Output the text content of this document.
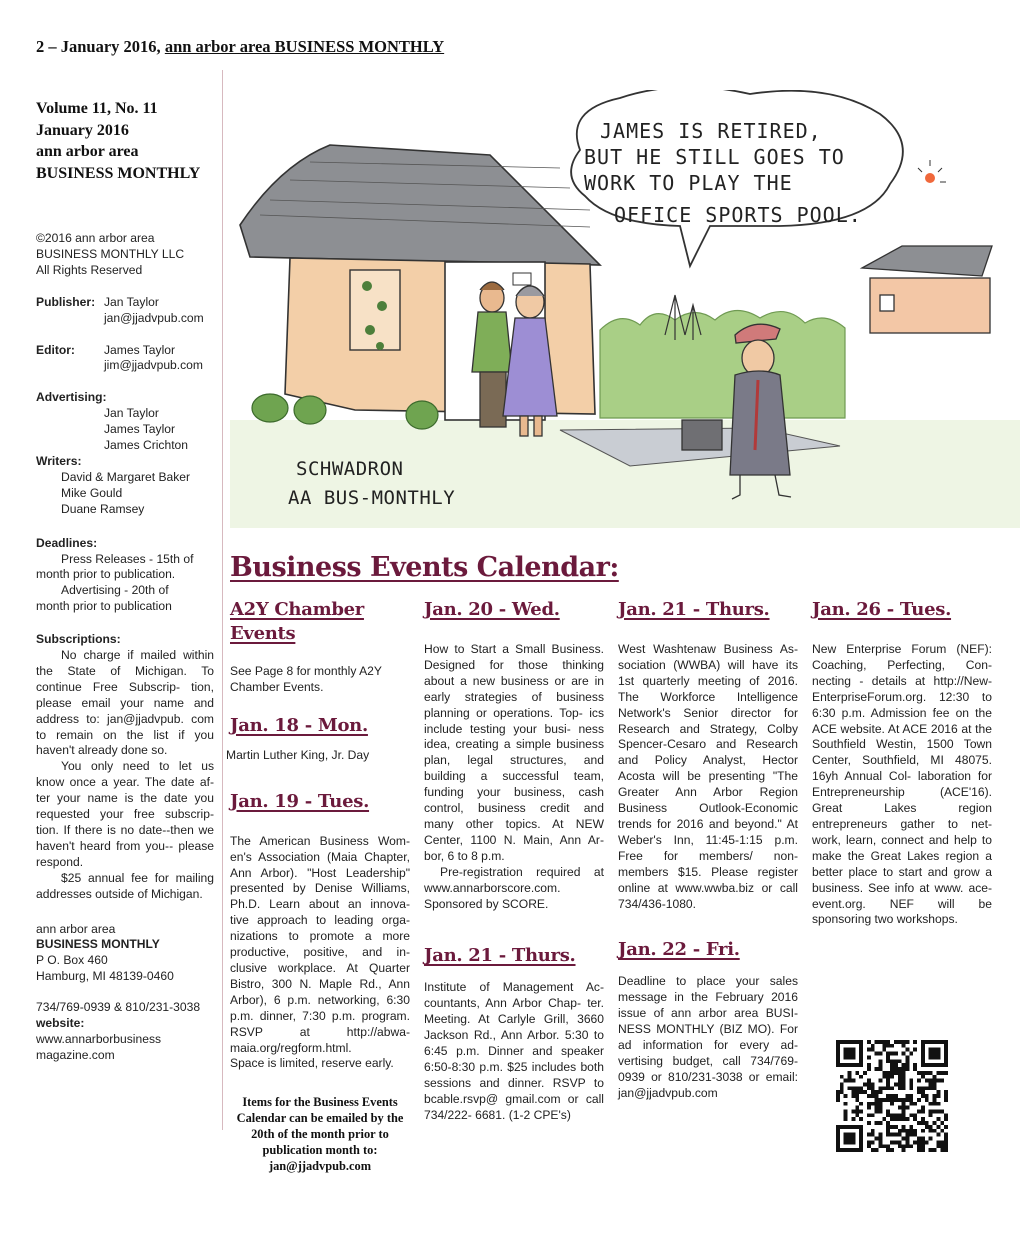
2 – January 2016, ann arbor area BUSINESS MONTHLY
Volume 11, No. 11
January 2016
ann arbor area
BUSINESS MONTHLY
©2016 ann arbor area
BUSINESS MONTHLY LLC
All Rights Reserved
Publisher: Jan Taylor
jan@jjadvpub.com
Editor:	James Taylor
jim@jjadvpub.com
Advertising:
Jan Taylor
James Taylor
James Crichton
Writers:
David & Margaret Baker
Mike Gould
Duane Ramsey
Deadlines:
Press Releases - 15th of
month prior to publication.
Advertising - 20th of
month prior to publication
Subscriptions:
No charge if mailed within the State of Michigan. To continue Free Subscrip- tion, please email your name and address to: jan@jjadvpub. com to remain on the list if you haven't already done so.
You only need to let us know once a year. The date af- ter your name is the date you requested your free subscrip- tion. If there is no date--then we haven't heard from you-- please respond.
$25 annual fee for mailing addresses outside of Michigan.
ann arbor area
BUSINESS MONTHLY
P O. Box 460
Hamburg, MI 48139-0460
734/769-0939 & 810/231-3038
website:
www.annarborbusiness
magazine.com
JAMES IS RETIRED,
BUT HE STILL GOES TO
WORK TO PLAY THE
OFFICE SPORTS POOL.
SCHWADRON
AA BUS-MONTHLY
Business Events Calendar:
A2Y Chamber Events
See Page 8 for monthly A2Y Chamber Events.
Jan. 18 - Mon.
Martin Luther King, Jr. Day
Jan. 19 - Tues.
The American Business Wom- en's Association (Maia Chapter, Ann Arbor). "Host Leadership" presented by Denise Williams, Ph.D. Learn about an innova- tive approach to leading orga- nizations to promote a more productive, positive, and in- clusive workplace. At Quarter Bistro, 300 N. Maple Rd., Ann Arbor), 6 p.m. networking, 6:30 p.m. dinner, 7:30 p.m. program. RSVP at http://abwa- maia.org/regform.html.
Space is limited, reserve early.
Items for the Business Events Calendar can be emailed by the 20th of the month prior to publication month to: jan@jjadvpub.com
Jan. 20 - Wed.
How to Start a Small Business. Designed for those thinking about a new business or are in early strategies of business planning or operations. Top- ics include testing your busi- ness idea, creating a simple business plan, legal structures, and building a successful team, funding your business, cash control, business credit and many other topics. At NEW Center, 1100 N. Main, Ann Ar- bor, 6 to 8 p.m.
Pre-registration required at www.annarborscore.com. Sponsored by SCORE.
Jan. 21 - Thurs.
Institute of Management Ac- countants, Ann Arbor Chap- ter. Meeting. At Carlyle Grill, 3660 Jackson Rd., Ann Arbor. 5:30 to 6:45 p.m. Dinner and speaker 6:50-8:30 p.m. $25 includes both sessions and dinner. RSVP to bcable.rsvp@ gmail.com or call 734/222- 6681. (1-2 CPE's)
Jan. 21 - Thurs.
West Washtenaw Business As- sociation (WWBA) will have its 1st quarterly meeting of 2016. The Workforce Intelligence Network's Senior director for Research and Strategy, Colby Spencer-Cesaro and Research and Policy Analyst, Hector Acosta will be presenting "The Greater Ann Arbor Region Business Outlook-Economic trends for 2016 and beyond." At Weber's Inn, 11:45-1:15 p.m. Free for members/ non- members $15. Please register online at www.wwba.biz or call 734/436-1080.
Jan. 22 - Fri.
Deadline to place your sales message in the February 2016 issue of ann arbor area BUSI- NESS MONTHLY (BIZ MO). For ad information for every ad- vertising budget, call 734/769- 0939 or 810/231-3038 or email: jan@jjadvpub.com
Jan. 26 - Tues.
New Enterprise Forum (NEF): Coaching, Perfecting, Con- necting - details at http://New- EnterpriseForum.org. 12:30 to 6:30 p.m. Admission fee on the ACE website. At ACE 2016 at the Southfield Westin, 1500 Town Center, Southfield, MI 48075. 16yh Annual Col- laboration for Entrepreneurship (ACE'16). Great Lakes region entrepreneurs gather to net- work, learn, connect and help to make the Great Lakes region a better place to start and grow a business. See info at www. ace-event.org. NEF will be sponsoring two workshops.
